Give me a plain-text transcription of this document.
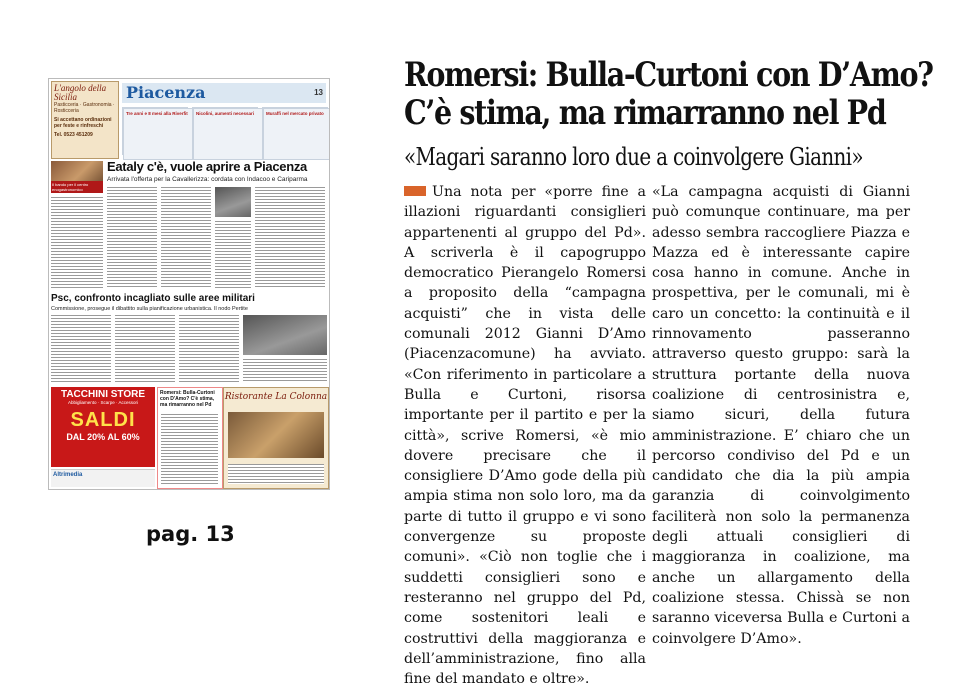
L'angolo della Sicilia
Pasticceria · Gastronomia · Rosticceria
Si accettano ordinazioni per feste e rinfreschi
Tel. 0523 451209
Piacenza	13
Tre anni e 8 mesi alla Riverfit	Nicolini, aumenti necessari	Muraffi nel mercato privato
Il bando per il centro enogastronomico
Eataly c'è, vuole aprire a Piacenza
Arrivata l'offerta per la Cavallerizza: cordata con Indacoo e Cariparma
Psc, confronto incagliato sulle aree militari
Commissione, prosegue il dibattito sulla pianificazione urbanistica. Il nodo Pertite
TACCHINI STORE
Abbigliamento · Scarpe · Accessori
SALDI
DAL 20% AL 60%
Altrimedia
Romersi: Bulla-Curtoni con D'Amo? C'è stima, ma rimarranno nel Pd
Ristorante La Colonna
pag. 13
Romersi: Bulla-Curtoni con D’Amo?
C’è stima, ma rimarranno nel Pd
«Magari saranno loro due a coinvolgere Gianni»
Una nota per «porre fine a illazioni riguardanti consiglieri appartenenti al gruppo del Pd». A scriverla è il capogruppo democratico Pierangelo Romersi a proposito della “campagna acquisti” che in vista delle comunali 2012 Gianni D’Amo (Piacenzacomune) ha avviato. «Con riferimento in particolare a Bulla e Curtoni, risorsa importante per il partito e per la città», scrive Romersi, «è mio dovere precisare che il consigliere D’Amo gode della più ampia stima non solo loro, ma da parte di tutto il gruppo e vi sono convergenze su proposte comuni». «Ciò non toglie che i suddetti consiglieri sono e resteranno nel gruppo del Pd, come sostenitori leali e costruttivi della maggioranza e dell’amministrazione, fino alla fine del mandato e oltre».
«La campagna acquisti di Gianni può comunque continuare, ma per adesso sembra raccogliere Piazza e Mazza ed è interessante capire cosa hanno in comune. Anche in prospettiva, per le comunali, mi è caro un concetto: la continuità e il rinnovamento passeranno attraverso questo gruppo: sarà la struttura portante della nuova coalizione di centrosinistra e, siamo sicuri, della futura amministrazione. E’ chiaro che un percorso condiviso del Pd e un candidato che dia la più ampia garanzia di coinvolgimento faciliterà non solo la permanenza degli attuali consiglieri di maggioranza in coalizione, ma anche un allargamento della coalizione stessa. Chissà se non saranno viceversa Bulla e Curtoni a coinvolgere D’Amo».
